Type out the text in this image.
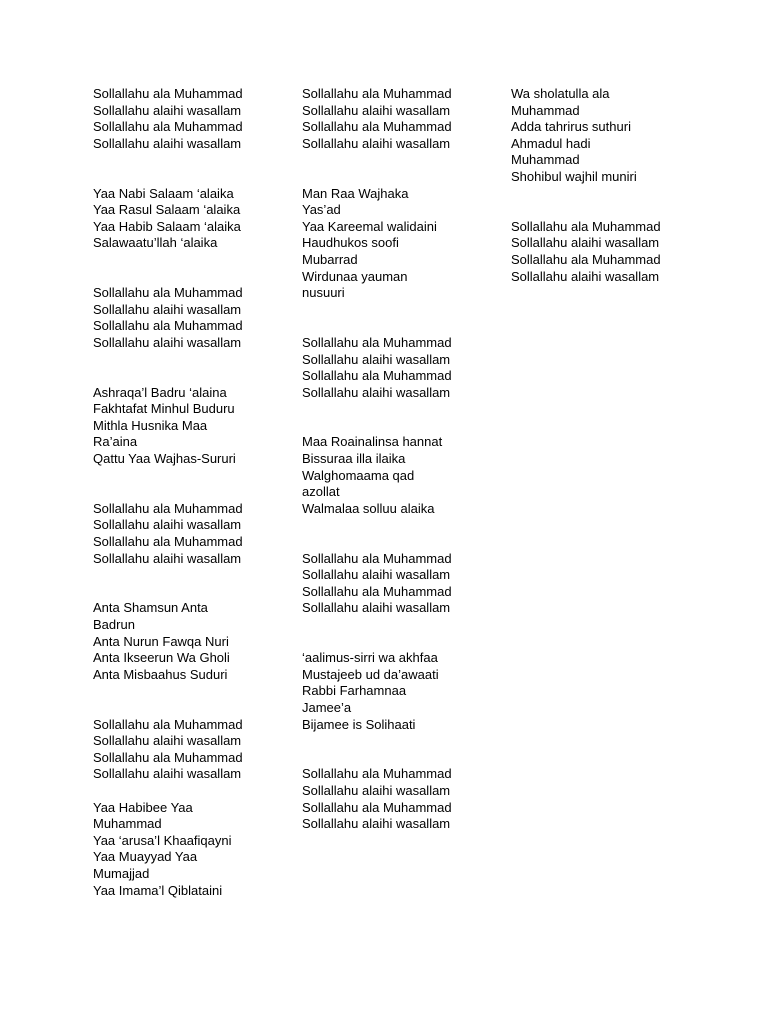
Sollallahu ala Muhammad
Sollallahu alaihi wasallam
Sollallahu ala Muhammad
Sollallahu alaihi wasallam
Yaa Nabi Salaam ‘alaika
Yaa Rasul Salaam ‘alaika
Yaa Habib Salaam ‘alaika
Salawaatu’llah ‘alaika
Sollallahu ala Muhammad
Sollallahu alaihi wasallam
Sollallahu ala Muhammad
Sollallahu alaihi wasallam
Ashraqa’l Badru ‘alaina
Fakhtafat Minhul Buduru
Mithla Husnika Maa
Ra’aina
Qattu Yaa Wajhas-Sururi
Sollallahu ala Muhammad
Sollallahu alaihi wasallam
Sollallahu ala Muhammad
Sollallahu alaihi wasallam
Anta Shamsun Anta
Badrun
Anta Nurun Fawqa Nuri
Anta Ikseerun Wa Gholi
Anta Misbaahus Suduri
Sollallahu ala Muhammad
Sollallahu alaihi wasallam
Sollallahu ala Muhammad
Sollallahu alaihi wasallam
Yaa Habibee Yaa
Muhammad
Yaa ‘arusa’l Khaafiqayni
Yaa Muayyad Yaa
Mumajjad
Yaa Imama’l Qiblataini
Sollallahu ala Muhammad
Sollallahu alaihi wasallam
Sollallahu ala Muhammad
Sollallahu alaihi wasallam
Man Raa Wajhaka
Yas’ad
Yaa Kareemal walidaini
Haudhukos soofi
Mubarrad
Wirdunaa yauman
nusuuri
Sollallahu ala Muhammad
Sollallahu alaihi wasallam
Sollallahu ala Muhammad
Sollallahu alaihi wasallam
Maa Roainalinsa hannat
Bissuraa illa ilaika
Walghomaama qad
azollat
Walmalaa solluu alaika
Sollallahu ala Muhammad
Sollallahu alaihi wasallam
Sollallahu ala Muhammad
Sollallahu alaihi wasallam
‘aalimus-sirri wa akhfaa
Mustajeeb ud da’awaati
Rabbi Farhamnaa
Jamee’a
Bijamee is Solihaati
Sollallahu ala Muhammad
Sollallahu alaihi wasallam
Sollallahu ala Muhammad
Sollallahu alaihi wasallam
Wa sholatulla ala
Muhammad
Adda tahrirus suthuri
Ahmadul hadi
Muhammad
Shohibul wajhil muniri
Sollallahu ala Muhammad
Sollallahu alaihi wasallam
Sollallahu ala Muhammad
Sollallahu alaihi wasallam
